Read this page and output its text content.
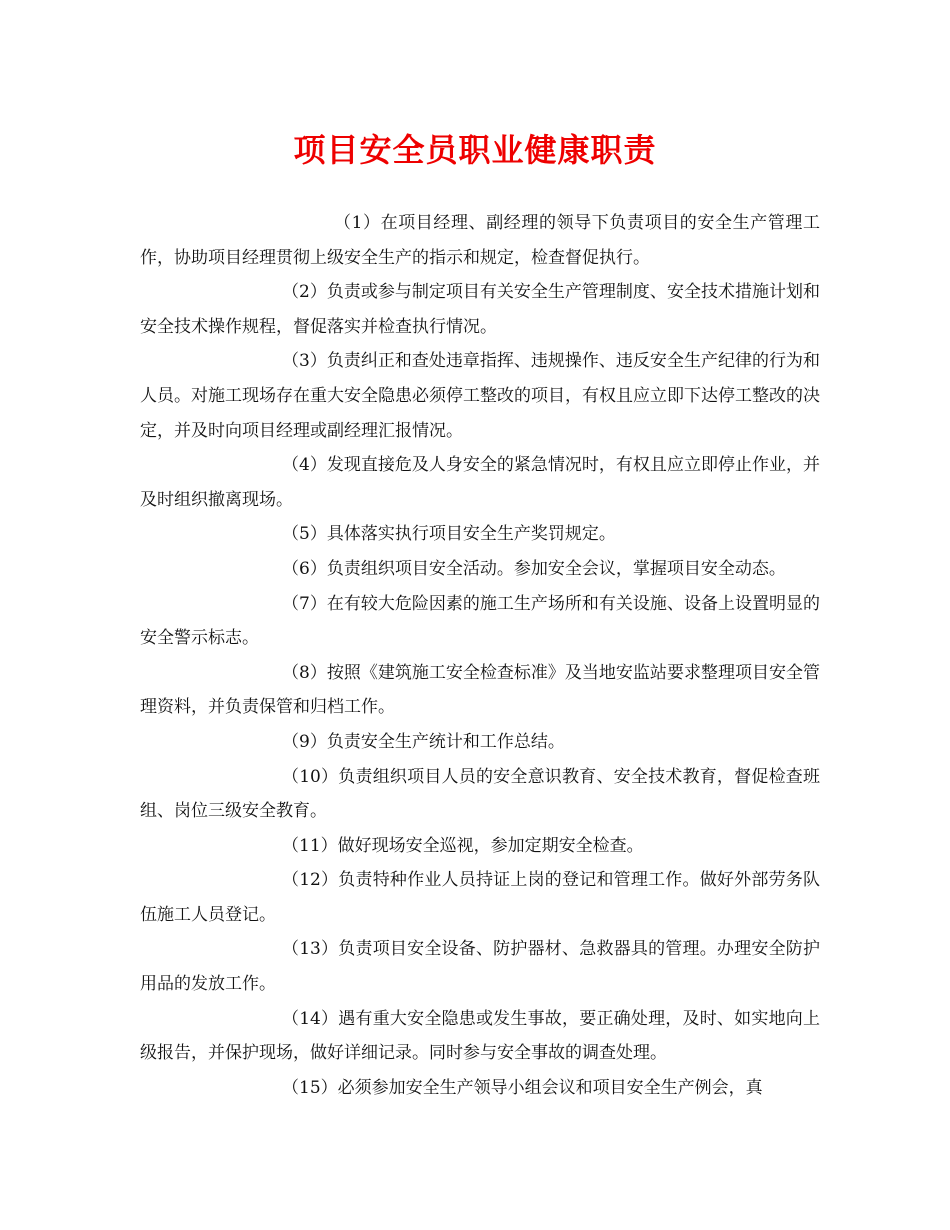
项目安全员职业健康职责

（1）在项目经理、副经理的领导下负责项目的安全生产管理工作，协助项目经理贯彻上级安全生产的指示和规定，检查督促执行。

（2）负责或参与制定项目有关安全生产管理制度、安全技术措施计划和安全技术操作规程，督促落实并检查执行情况。

（3）负责纠正和查处违章指挥、违规操作、违反安全生产纪律的行为和人员。对施工现场存在重大安全隐患必须停工整改的项目，有权且应立即下达停工整改的决定，并及时向项目经理或副经理汇报情况。

（4）发现直接危及人身安全的紧急情况时，有权且应立即停止作业，并及时组织撤离现场。

（5）具体落实执行项目安全生产奖罚规定。

（6）负责组织项目安全活动。参加安全会议，掌握项目安全动态。

（7）在有较大危险因素的施工生产场所和有关设施、设备上设置明显的安全警示标志。

（8）按照《建筑施工安全检查标准》及当地安监站要求整理项目安全管理资料，并负责保管和归档工作。

（9）负责安全生产统计和工作总结。

（10）负责组织项目人员的安全意识教育、安全技术教育，督促检查班组、岗位三级安全教育。

（11）做好现场安全巡视，参加定期安全检查。

（12）负责特种作业人员持证上岗的登记和管理工作。做好外部劳务队伍施工人员登记。

（13）负责项目安全设备、防护器材、急救器具的管理。办理安全防护用品的发放工作。

（14）遇有重大安全隐患或发生事故，要正确处理，及时、如实地向上级报告，并保护现场，做好详细记录。同时参与安全事故的调查处理。

（15）必须参加安全生产领导小组会议和项目安全生产例会，真
